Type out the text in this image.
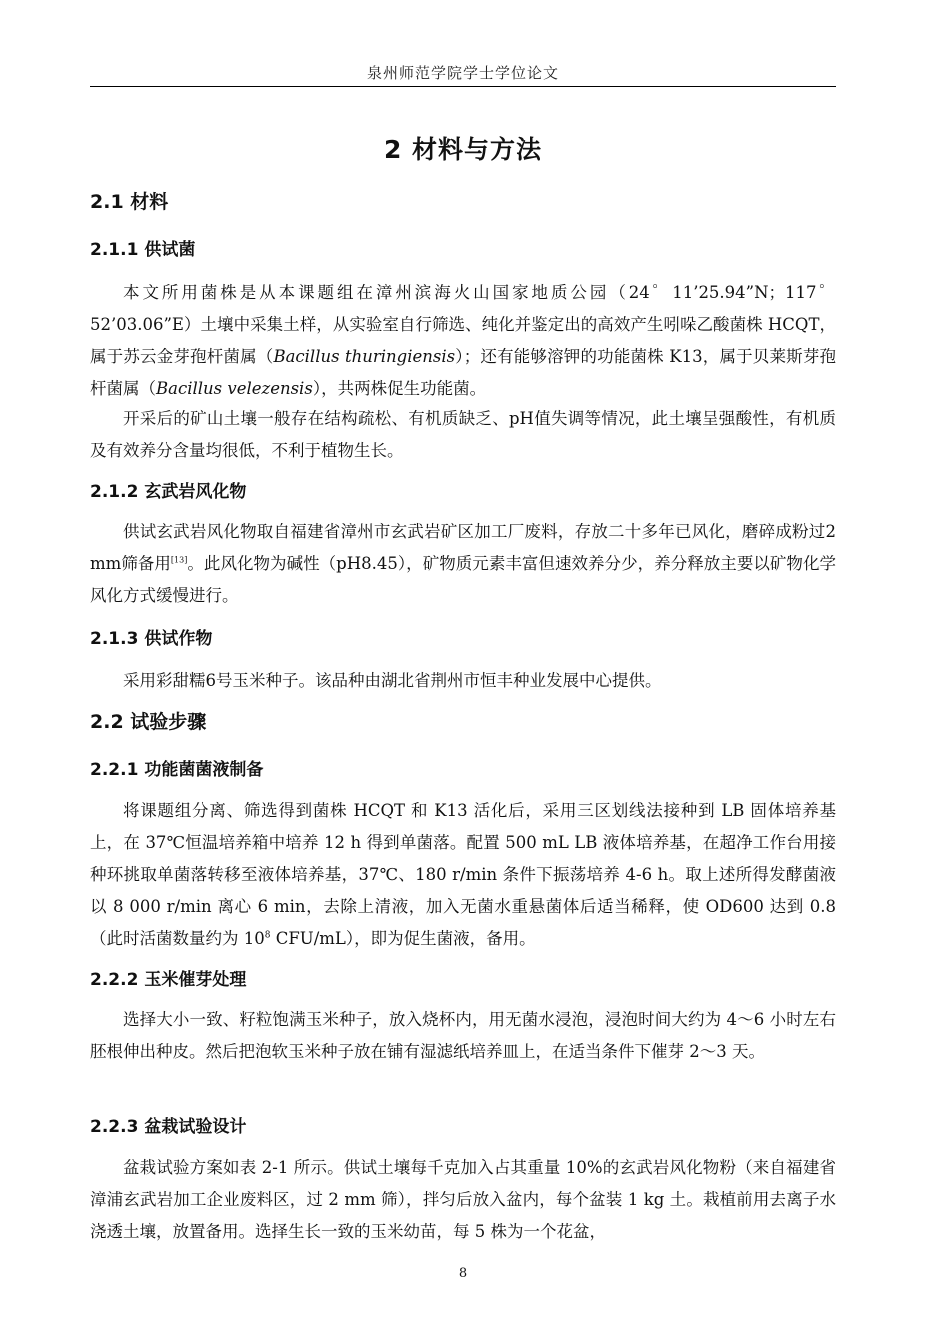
泉州师范学院学士学位论文
2 材料与方法
2.1 材料
2.1.1 供试菌

本文所用菌株是从本课题组在漳州滨海火山国家地质公园（24゜11’25.94”N；117゜52’03.06”E）土壤中采集土样，从实验室自行筛选、纯化并鉴定出的高效产生吲哚乙酸菌株 HCQT，属于苏云金芽孢杆菌属（Bacillus thuringiensis）；还有能够溶钾的功能菌株 K13，属于贝莱斯芽孢杆菌属（Bacillus velezensis），共两株促生功能菌。

开采后的矿山土壤一般存在结构疏松、有机质缺乏、pH值失调等情况，此土壤呈强酸性，有机质及有效养分含量均很低，不利于植物生长。

2.1.2 玄武岩风化物

供试玄武岩风化物取自福建省漳州市玄武岩矿区加工厂废料，存放二十多年已风化，磨碎成粉过2 mm筛备用[13]。此风化物为碱性（pH8.45），矿物质元素丰富但速效养分少，养分释放主要以矿物化学风化方式缓慢进行。

2.1.3 供试作物

采用彩甜糯6号玉米种子。该品种由湖北省荆州市恒丰种业发展中心提供。

2.2 试验步骤
2.2.1 功能菌菌液制备

将课题组分离、筛选得到菌株 HCQT 和 K13 活化后，采用三区划线法接种到 LB 固体培养基上，在 37℃恒温培养箱中培养 12 h 得到单菌落。配置 500 mL LB 液体培养基，在超净工作台用接种环挑取单菌落转移至液体培养基，37℃、180 r/min 条件下振荡培养 4-6 h。取上述所得发酵菌液以 8 000 r/min 离心 6 min，去除上清液，加入无菌水重悬菌体后适当稀释，使 OD600 达到 0.8（此时活菌数量约为 $10^8$ CFU/mL），即为促生菌液，备用。

2.2.2 玉米催芽处理

选择大小一致、籽粒饱满玉米种子，放入烧杯内，用无菌水浸泡，浸泡时间大约为 4～6 小时左右胚根伸出种皮。然后把泡软玉米种子放在铺有湿滤纸培养皿上，在适当条件下催芽 2～3 天。

2.2.3 盆栽试验设计

盆栽试验方案如表 2-1 所示。供试土壤每千克加入占其重量 10%的玄武岩风化物粉（来自福建省漳浦玄武岩加工企业废料区，过 2 mm 筛），拌匀后放入盆内，每个盆装 1 kg 土。栽植前用去离子水浇透土壤，放置备用。选择生长一致的玉米幼苗，每 5 株为一个花盆，

8
